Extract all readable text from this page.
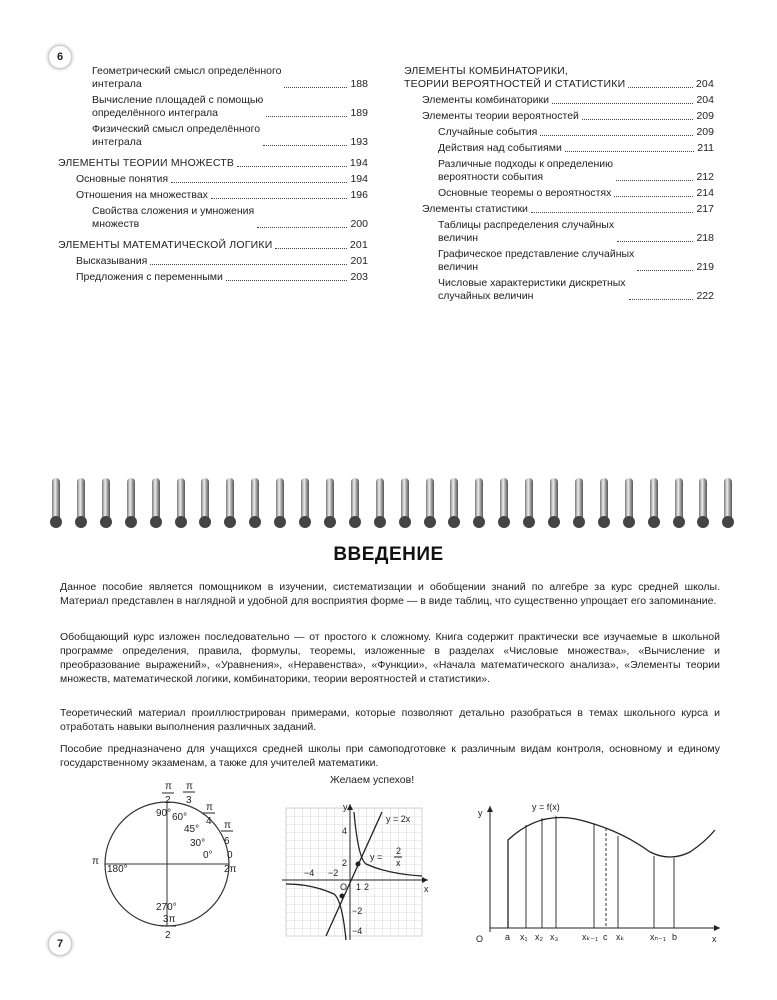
6
7
Геометрический смысл определённого
интеграла	188
Вычисление площадей с помощью
определённого интеграла	189
Физический смысл определённого
интеграла	193
ЭЛЕМЕНТЫ ТЕОРИИ МНОЖЕСТВ	194
Основные понятия	194
Отношения на множествах	196
Свойства сложения и умножения
множеств	200
ЭЛЕМЕНТЫ МАТЕМАТИЧЕСКОЙ ЛОГИКИ	201
Высказывания	201
Предложения с переменными	203
ЭЛЕМЕНТЫ КОМБИНАТОРИКИ,
ТЕОРИИ ВЕРОЯТНОСТЕЙ И СТАТИСТИКИ	204
Элементы комбинаторики	204
Элементы теории вероятностей	209
Случайные события	209
Действия над событиями	211
Различные подходы к определению
вероятности события	212
Основные теоремы о вероятностях	214
Элементы статистики	217
Таблицы распределения случайных
величин	218
Графическое представление случайных
величин	219
Числовые характеристики дискретных
случайных величин	222
ВВЕДЕНИЕ

Данное пособие является помощником в изучении, систематизации и обобщении знаний по алгебре за курс средней школы. Материал представлен в наглядной и удобной для восприятия форме — в виде таблиц, что существенно упрощает его запоминание.

Обобщающий курс изложен последовательно — от простого к сложному. Книга содержит практически все изучаемые в школьной программе определения, правила, формулы, теоремы, изложенные в разделах «Числовые множества», «Вычисление и преобразование выражений», «Уравнения», «Неравенства», «Функции», «Начала математического анализа», «Элементы теории множеств, математической логики, комбинаторики, теории вероятностей и статистики».

Теоретический материал проиллюстрирован примерами, которые позволяют детально разобраться в темах школьного курса и отработать навыки выполнения различных заданий.

Пособие предназначено для учащихся средней школы при самоподготовке к различным видам контроля, основному и единому государственному экзаменам, а также для учителей математики.

Желаем успехов!
π
2
π
3
π
4 π
6
0
2π
π
90° 60°
45°
30°
0°
180°
270°
3π
2
y
x
O
−4 −2
1 2
−2
−4
2
4
y = 2x
y =
2
x
y
x
O
y = f(x)
a x₁ x₂ x₃	xₖ₋₁ c xₖ	xₙ₋₁ b
